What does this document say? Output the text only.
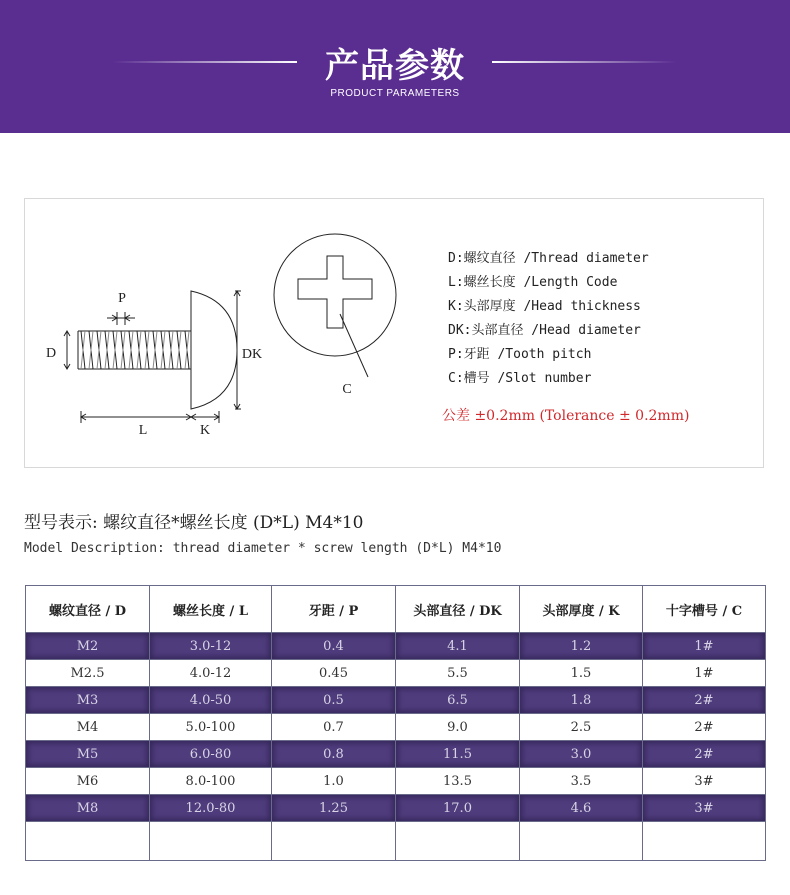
产品参数
PRODUCT PARAMETERS
P
D	DK
L	K
C
D:螺纹直径 /Thread diameter
L:螺丝长度 /Length Code
K:头部厚度 /Head thickness
DK:头部直径 /Head diameter
P:牙距 /Tooth pitch
C:槽号 /Slot number
公差 ±0.2mm (Tolerance ± 0.2mm)
型号表示: 螺纹直径*螺丝长度 (D*L) M4*10
Model Description: thread diameter * screw length (D*L) M4*10
螺纹直径 / D	螺丝长度 / L	牙距 / P	头部直径 / DK	头部厚度 / K	十字槽号 / C
M2	3.0-12	0.4	4.1	1.2	1#
M2.5	4.0-12	0.45	5.5	1.5	1#
M3	4.0-50	0.5	6.5	1.8	2#
M4	5.0-100	0.7	9.0	2.5	2#
M5	6.0-80	0.8	11.5	3.0	2#
M6	8.0-100	1.0	13.5	3.5	3#
M8	12.0-80	1.25	17.0	4.6	3#
